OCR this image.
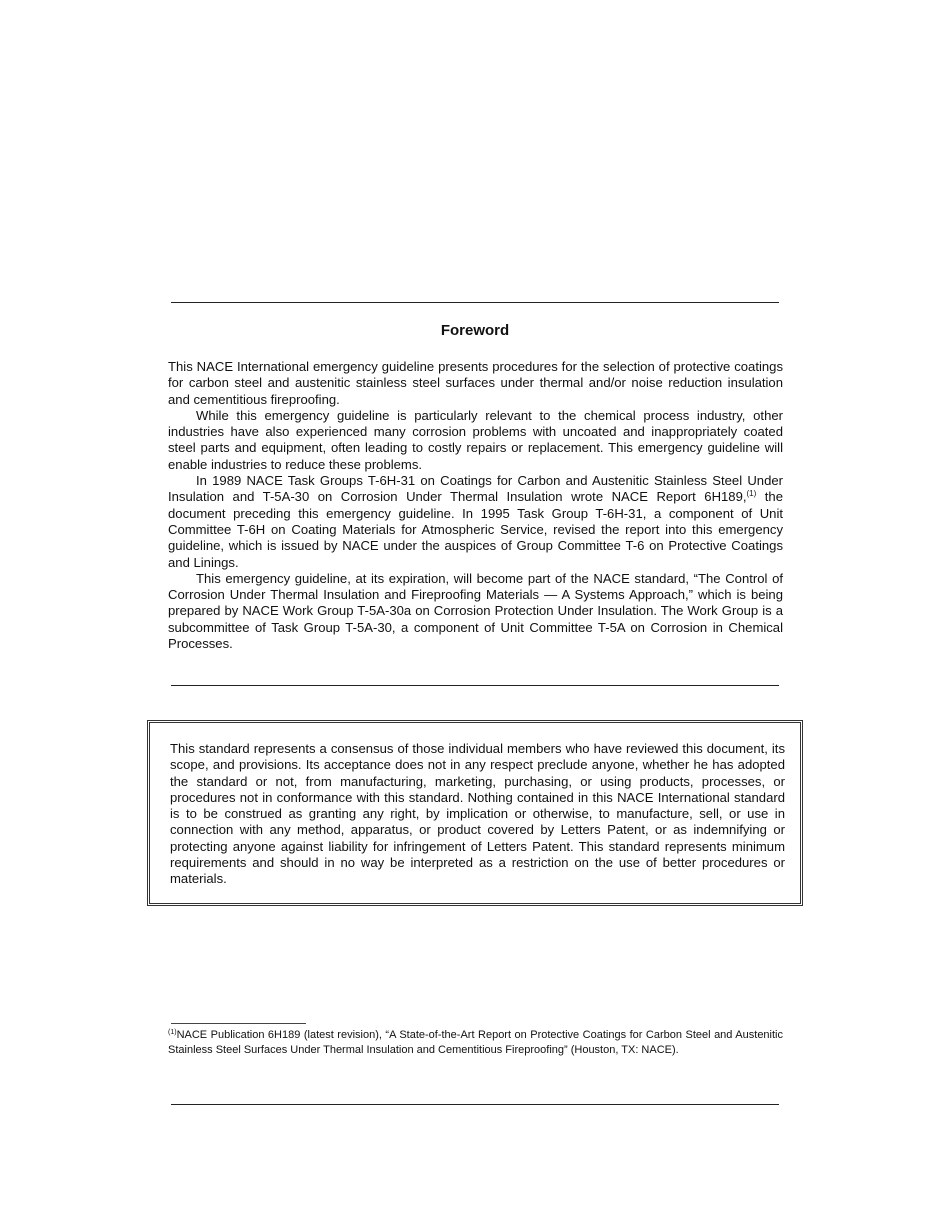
Foreword

This NACE International emergency guideline presents procedures for the selection of protective coatings for carbon steel and austenitic stainless steel surfaces under thermal and/or noise reduction insulation and cementitious fireproofing.

While this emergency guideline is particularly relevant to the chemical process industry, other industries have also experienced many corrosion problems with uncoated and inappropriately coated steel parts and equipment, often leading to costly repairs or replacement. This emergency guideline will enable industries to reduce these problems.

In 1989 NACE Task Groups T-6H-31 on Coatings for Carbon and Austenitic Stainless Steel Under Insulation and T-5A-30 on Corrosion Under Thermal Insulation wrote NACE Report 6H189,$^{(1)}$ the document preceding this emergency guideline. In 1995 Task Group T-6H-31, a component of Unit Committee T-6H on Coating Materials for Atmospheric Service, revised the report into this emergency guideline, which is issued by NACE under the auspices of Group Committee T-6 on Protective Coatings and Linings.

This emergency guideline, at its expiration, will become part of the NACE standard, “The Control of Corrosion Under Thermal Insulation and Fireproofing Materials — A Systems Approach,” which is being prepared by NACE Work Group T-5A-30a on Corrosion Protection Under Insulation. The Work Group is a subcommittee of Task Group T-5A-30, a component of Unit Committee T-5A on Corrosion in Chemical Processes.

This standard represents a consensus of those individual members who have reviewed this document, its scope, and provisions. Its acceptance does not in any respect preclude anyone, whether he has adopted the standard or not, from manufacturing, marketing, purchasing, or using products, processes, or procedures not in conformance with this standard. Nothing contained in this NACE International standard is to be construed as granting any right, by implication or otherwise, to manufacture, sell, or use in connection with any method, apparatus, or product covered by Letters Patent, or as indemnifying or protecting anyone against liability for infringement of Letters Patent. This standard represents minimum requirements and should in no way be interpreted as a restriction on the use of better procedures or materials.
$^{(1)}$NACE Publication 6H189 (latest revision), “A State-of-the-Art Report on Protective Coatings for Carbon Steel and Austenitic Stainless Steel Surfaces Under Thermal Insulation and Cementitious Fireproofing” (Houston, TX: NACE).
